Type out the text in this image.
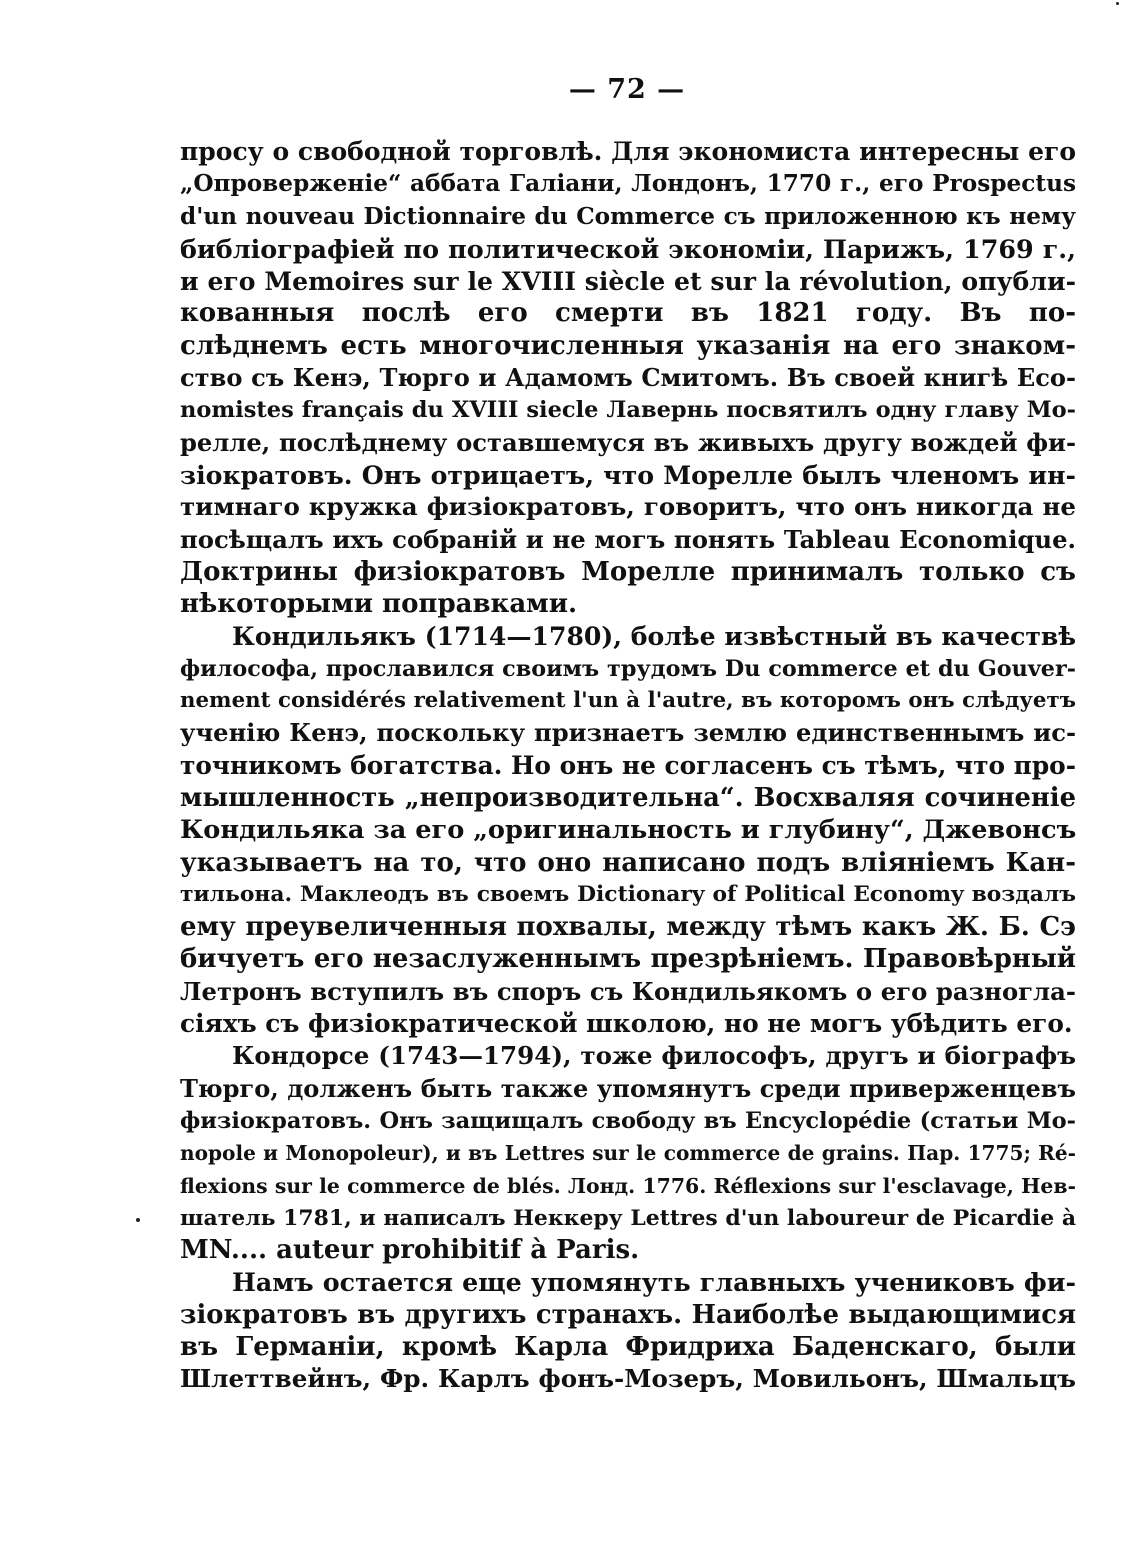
— 72 —
просу о свободной торговлѣ. Для экономиста интересны его
„Опроверженіе“ аббата Галіани, Лондонъ, 1770 г., его Prospectus
d'un nouveau Dictionnaire du Commerce съ приложенною къ нему
библіографіей по политической экономіи, Парижъ, 1769 г.,
и его Memoires sur le XVIII siècle et sur la révolution, опубли-
кованныя послѣ его смерти въ 1821 году. Въ по-
слѣднемъ есть многочисленныя указанія на его знаком-
ство съ Кенэ, Тюрго и Адамомъ Смитомъ. Въ своей книгѣ Eco-
nomistes français du XVIII siecle Лавернь посвятилъ одну главу Мо-
релле, послѣднему оставшемуся въ живыхъ другу вождей фи-
зіократовъ. Онъ отрицаетъ, что Морелле былъ членомъ ин-
тимнаго кружка физіократовъ, говоритъ, что онъ никогда не
посѣщалъ ихъ собраній и не могъ понять Tableau Economique.
Доктрины физіократовъ Морелле принималъ только съ
нѣкоторыми поправками.
Кондильякъ (1714—1780), болѣе извѣстный въ качествѣ
философа, прославился своимъ трудомъ Du commerce et du Gouver-
nement considérés relativement l'un à l'autre, въ которомъ онъ слѣдуетъ
ученію Кенэ, поскольку признаетъ землю единственнымъ ис-
точникомъ богатства. Но онъ не согласенъ съ тѣмъ, что про-
мышленность „непроизводительна“. Восхваляя сочиненіе
Кондильяка за его „оригинальность и глубину“, Джевонсъ
указываетъ на то, что оно написано подъ вліяніемъ Кан-
тильона. Маклеодъ въ своемъ Dictionary of Political Economy воздалъ
ему преувеличенныя похвалы, между тѣмъ какъ Ж. Б. Сэ
бичуетъ его незаслуженнымъ презрѣніемъ. Правовѣрный
Летронъ вступилъ въ споръ съ Кондильякомъ о его разногла-
сіяхъ съ физіократической школою, но не могъ убѣдить его.
Кондорсе (1743—1794), тоже философъ, другъ и біографъ
Тюрго, долженъ быть также упомянутъ среди приверженцевъ
физіократовъ. Онъ защищалъ свободу въ Encyclopédie (статьи Mo-
nopole и Monopoleur), и въ Lettres sur le commerce de grains. Пар. 1775; Ré-
flexions sur le commerce de blés. Лонд. 1776. Réflexions sur l'esclavage, Нев-
шатель 1781, и написалъ Неккеру Lettres d'un laboureur de Picardie à
MN.... auteur prohibitif à Paris.
Намъ остается еще упомянуть главныхъ учениковъ фи-
зіократовъ въ другихъ странахъ. Наиболѣе выдающимися
въ Германіи, кромѣ Карла Фридриха Баденскаго, были
Шлеттвейнъ, Фр. Карлъ фонъ-Мозеръ, Мовильонъ, Шмальцъ
